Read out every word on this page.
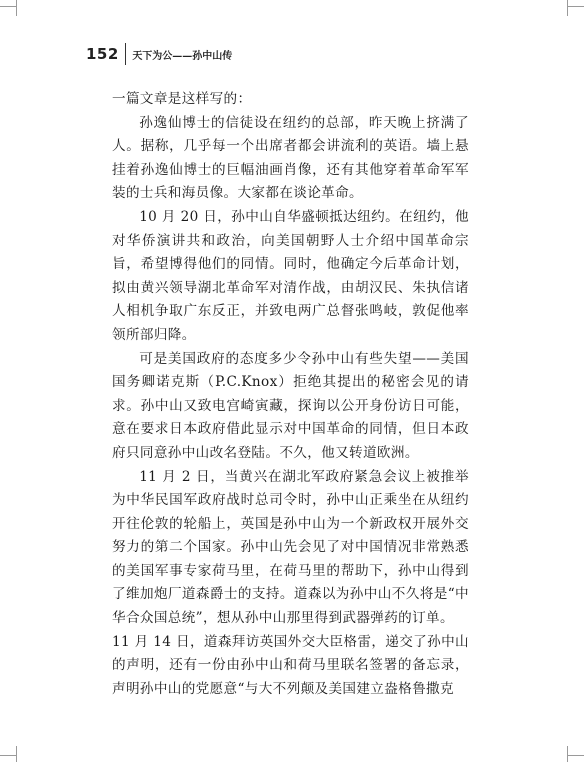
152 天下为公——孙中山传

一篇文章是这样写的：

孙逸仙博士的信徒设在纽约的总部，昨天晚上挤满了人。据称，几乎每一个出席者都会讲流利的英语。墙上悬挂着孙逸仙博士的巨幅油画肖像，还有其他穿着革命军军装的士兵和海员像。大家都在谈论革命。

10 月 20 日，孙中山自华盛顿抵达纽约。在纽约，他对华侨演讲共和政治，向美国朝野人士介绍中国革命宗旨，希望博得他们的同情。同时，他确定今后革命计划，拟由黄兴领导湖北革命军对清作战，由胡汉民、朱执信诸人相机争取广东反正，并致电两广总督张鸣岐，敦促他率领所部归降。

可是美国政府的态度多少令孙中山有些失望——美国国务卿诺克斯（P.C.Knox）拒绝其提出的秘密会见的请求。孙中山又致电宫崎寅藏，探询以公开身份访日可能，意在要求日本政府借此显示对中国革命的同情，但日本政府只同意孙中山改名登陆。不久，他又转道欧洲。

11 月 2 日，当黄兴在湖北军政府紧急会议上被推举为中华民国军政府战时总司令时，孙中山正乘坐在从纽约开往伦敦的轮船上，英国是孙中山为一个新政权开展外交努力的第二个国家。孙中山先会见了对中国情况非常熟悉的美国军事专家荷马里，在荷马里的帮助下，孙中山得到了维加炮厂道森爵士的支持。道森以为孙中山不久将是“中华合众国总统”，想从孙中山那里得到武器弹药的订单。

11 月 14 日，道森拜访英国外交大臣格雷，递交了孙中山的声明，还有一份由孙中山和荷马里联名签署的备忘录，声明孙中山的党愿意“与大不列颠及美国建立盎格鲁撒克
